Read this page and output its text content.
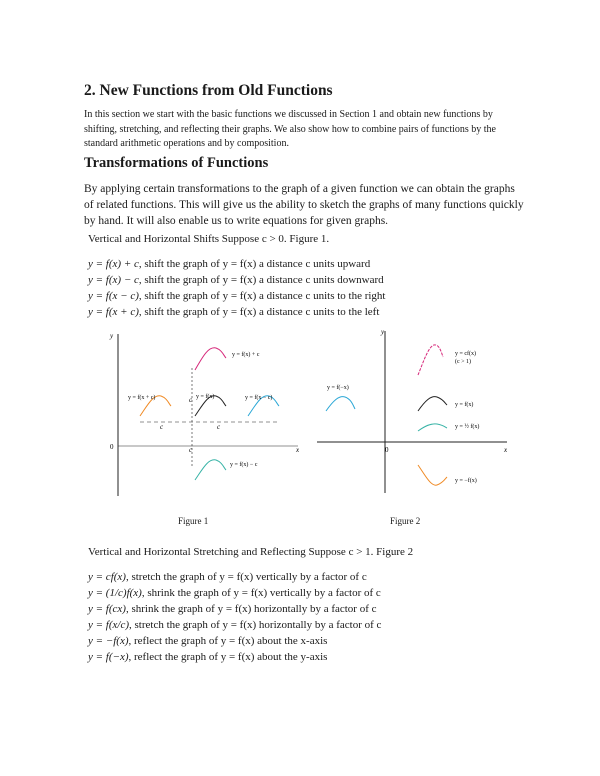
2. New Functions from Old Functions

In this section we start with the basic functions we discussed in Section 1 and obtain new functions by shifting, stretching, and reflecting their graphs. We also show how to combine pairs of functions by the standard arithmetic operations and by composition.

Transformations of Functions

By applying certain transformations to the graph of a given function we can obtain the graphs of related functions. This will give us the ability to sketch the graphs of many functions quickly by hand. It will also enable us to write equations for given graphs.

Vertical and Horizontal Shifts Suppose c > 0. Figure 1.

y = f(x) + c, shift the graph of y = f(x) a distance c units upward

y = f(x) − c, shift the graph of y = f(x) a distance c units downward

y = f(x − c), shift the graph of y = f(x) a distance c units to the right

y = f(x + c), shift the graph of y = f(x) a distance c units to the left

y
x
0
c	c
c
c
y = f(x) + c
y = f(x + c)	y = f(x)	y = f(x − c)
y = f(x) − c

Figure 1

y
x
0
y = cf(x)
(c > 1)
y = f(−x)
y = f(x)
y = ½ f(x)
y = −f(x)

Figure 2

Vertical and Horizontal Stretching and Reflecting Suppose c > 1. Figure 2

y = cf(x), stretch the graph of y = f(x) vertically by a factor of c

y = (1/c)f(x), shrink the graph of y = f(x) vertically by a factor of c

y = f(cx), shrink the graph of y = f(x) horizontally by a factor of c

y = f(x/c), stretch the graph of y = f(x) horizontally by a factor of c

y = −f(x), reflect the graph of y = f(x) about the x-axis

y = f(−x), reflect the graph of y = f(x) about the y-axis
